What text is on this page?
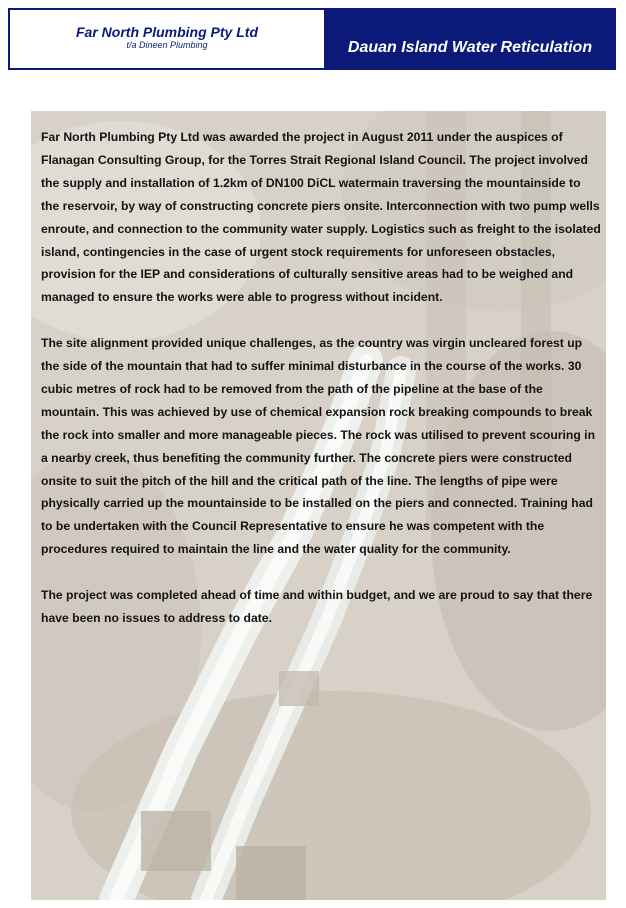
Far North Plumbing Pty Ltd
t/a Dineen Plumbing	Dauan Island Water Reticulation

Far North Plumbing Pty Ltd was awarded the project in August 2011 under the auspices of Flanagan Consulting Group, for the Torres Strait Regional Island Council. The project involved the supply and installation of 1.2km of DN100 DiCL watermain traversing the mountainside to the reservoir, by way of constructing concrete piers onsite. Interconnection with two pump wells enroute, and connection to the community water supply. Logistics such as freight to the isolated island, contingencies in the case of urgent stock requirements for unforeseen obstacles, provision for the IEP and considerations of culturally sensitive areas had to be weighed and managed to ensure the works were able to progress without incident.

The site alignment provided unique challenges, as the country was virgin uncleared forest up the side of the mountain that had to suffer minimal disturbance in the course of the works. 30 cubic metres of rock had to be removed from the path of the pipeline at the base of the mountain. This was achieved by use of chemical expansion rock breaking compounds to break the rock into smaller and more manageable pieces. The rock was utilised to prevent scouring in a nearby creek, thus benefiting the community further. The concrete piers were constructed onsite to suit the pitch of the hill and the critical path of the line. The lengths of pipe were physically carried up the mountainside to be installed on the piers and connected. Training had to be undertaken with the Council Representative to ensure he was competent with the procedures required to maintain the line and the water quality for the community.

The project was completed ahead of time and within budget, and we are proud to say that there have been no issues to address to date.
